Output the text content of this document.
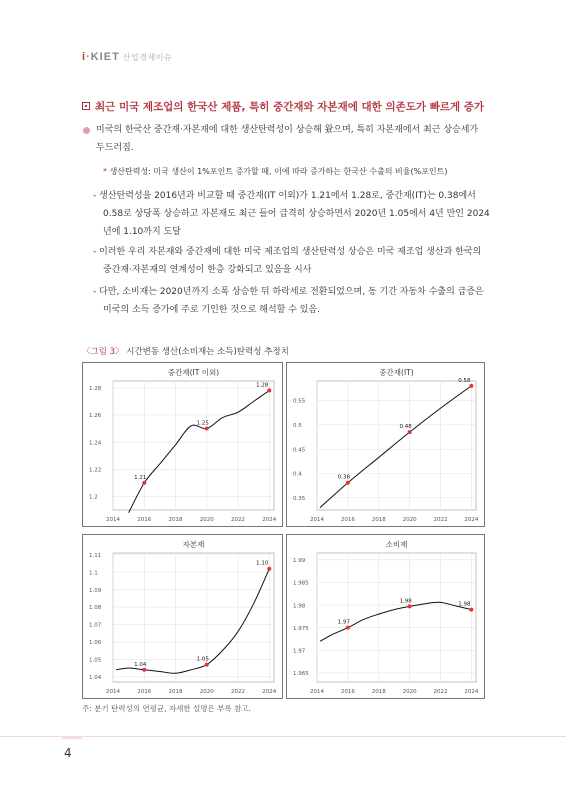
i·KIET 산업경제이슈
최근 미국 제조업의 한국산 제품, 특히 중간재와 자본재에 대한 의존도가 빠르게 증가
미국의 한국산 중간재·자본재에 대한 생산탄력성이 상승해 왔으며, 특히 자본재에서 최근 상승세가
두드러짐.
* 생산탄력성: 미국 생산이 1%포인트 증가할 때, 이에 따라 증가하는 한국산 수출의 비율(%포인트)
- 생산탄력성을 2016년과 비교할 때 중간재(IT 이외)가 1.21에서 1.28로, 중간재(IT)는 0.38에서
0.58로 상당폭 상승하고 자본재도 최근 들어 급격히 상승하면서 2020년 1.05에서 4년 만인 2024
년에 1.10까지 도달
- 이러한 우리 자본재와 중간재에 대한 미국 제조업의 생산탄력성 상승은 미국 제조업 생산과 한국의
중간재·자본재의 연계성이 한층 강화되고 있음을 시사
- 다만, 소비재는 2020년까지 소폭 상승한 뒤 하락세로 전환되었으며, 동 기간 자동차 수출의 급증은
미국의 소득 증가에 주로 기인한 것으로 해석할 수 있음.
〈그림 3〉 시간변동 생산(소비재는 소득)탄력성 추정치
중간재(IT 이외)
1.2
1.22
1.24
1.26
1.28
2014	2016	2018	2020	2022	2024
1.21
1.25
1.28
중간재(IT)
0.35
0.4
0.45
0.5
0.55
2014	2016	2018	2020	2022	2024
0.38
0.48
0.58
자본재
1.04
1.05
1.06
1.07
1.08
1.09
1.1
1.11
2014	2016	2018	2020	2022	2024
1.04
1.05
1.10
소비재
1.965
1.97
1.975
1.98
1.985
1.99
2014	2016	2018	2020	2022	2024
1.97
1.98
1.98
주: 분기 탄력성의 연평균, 자세한 설명은 부록 참고.
4
